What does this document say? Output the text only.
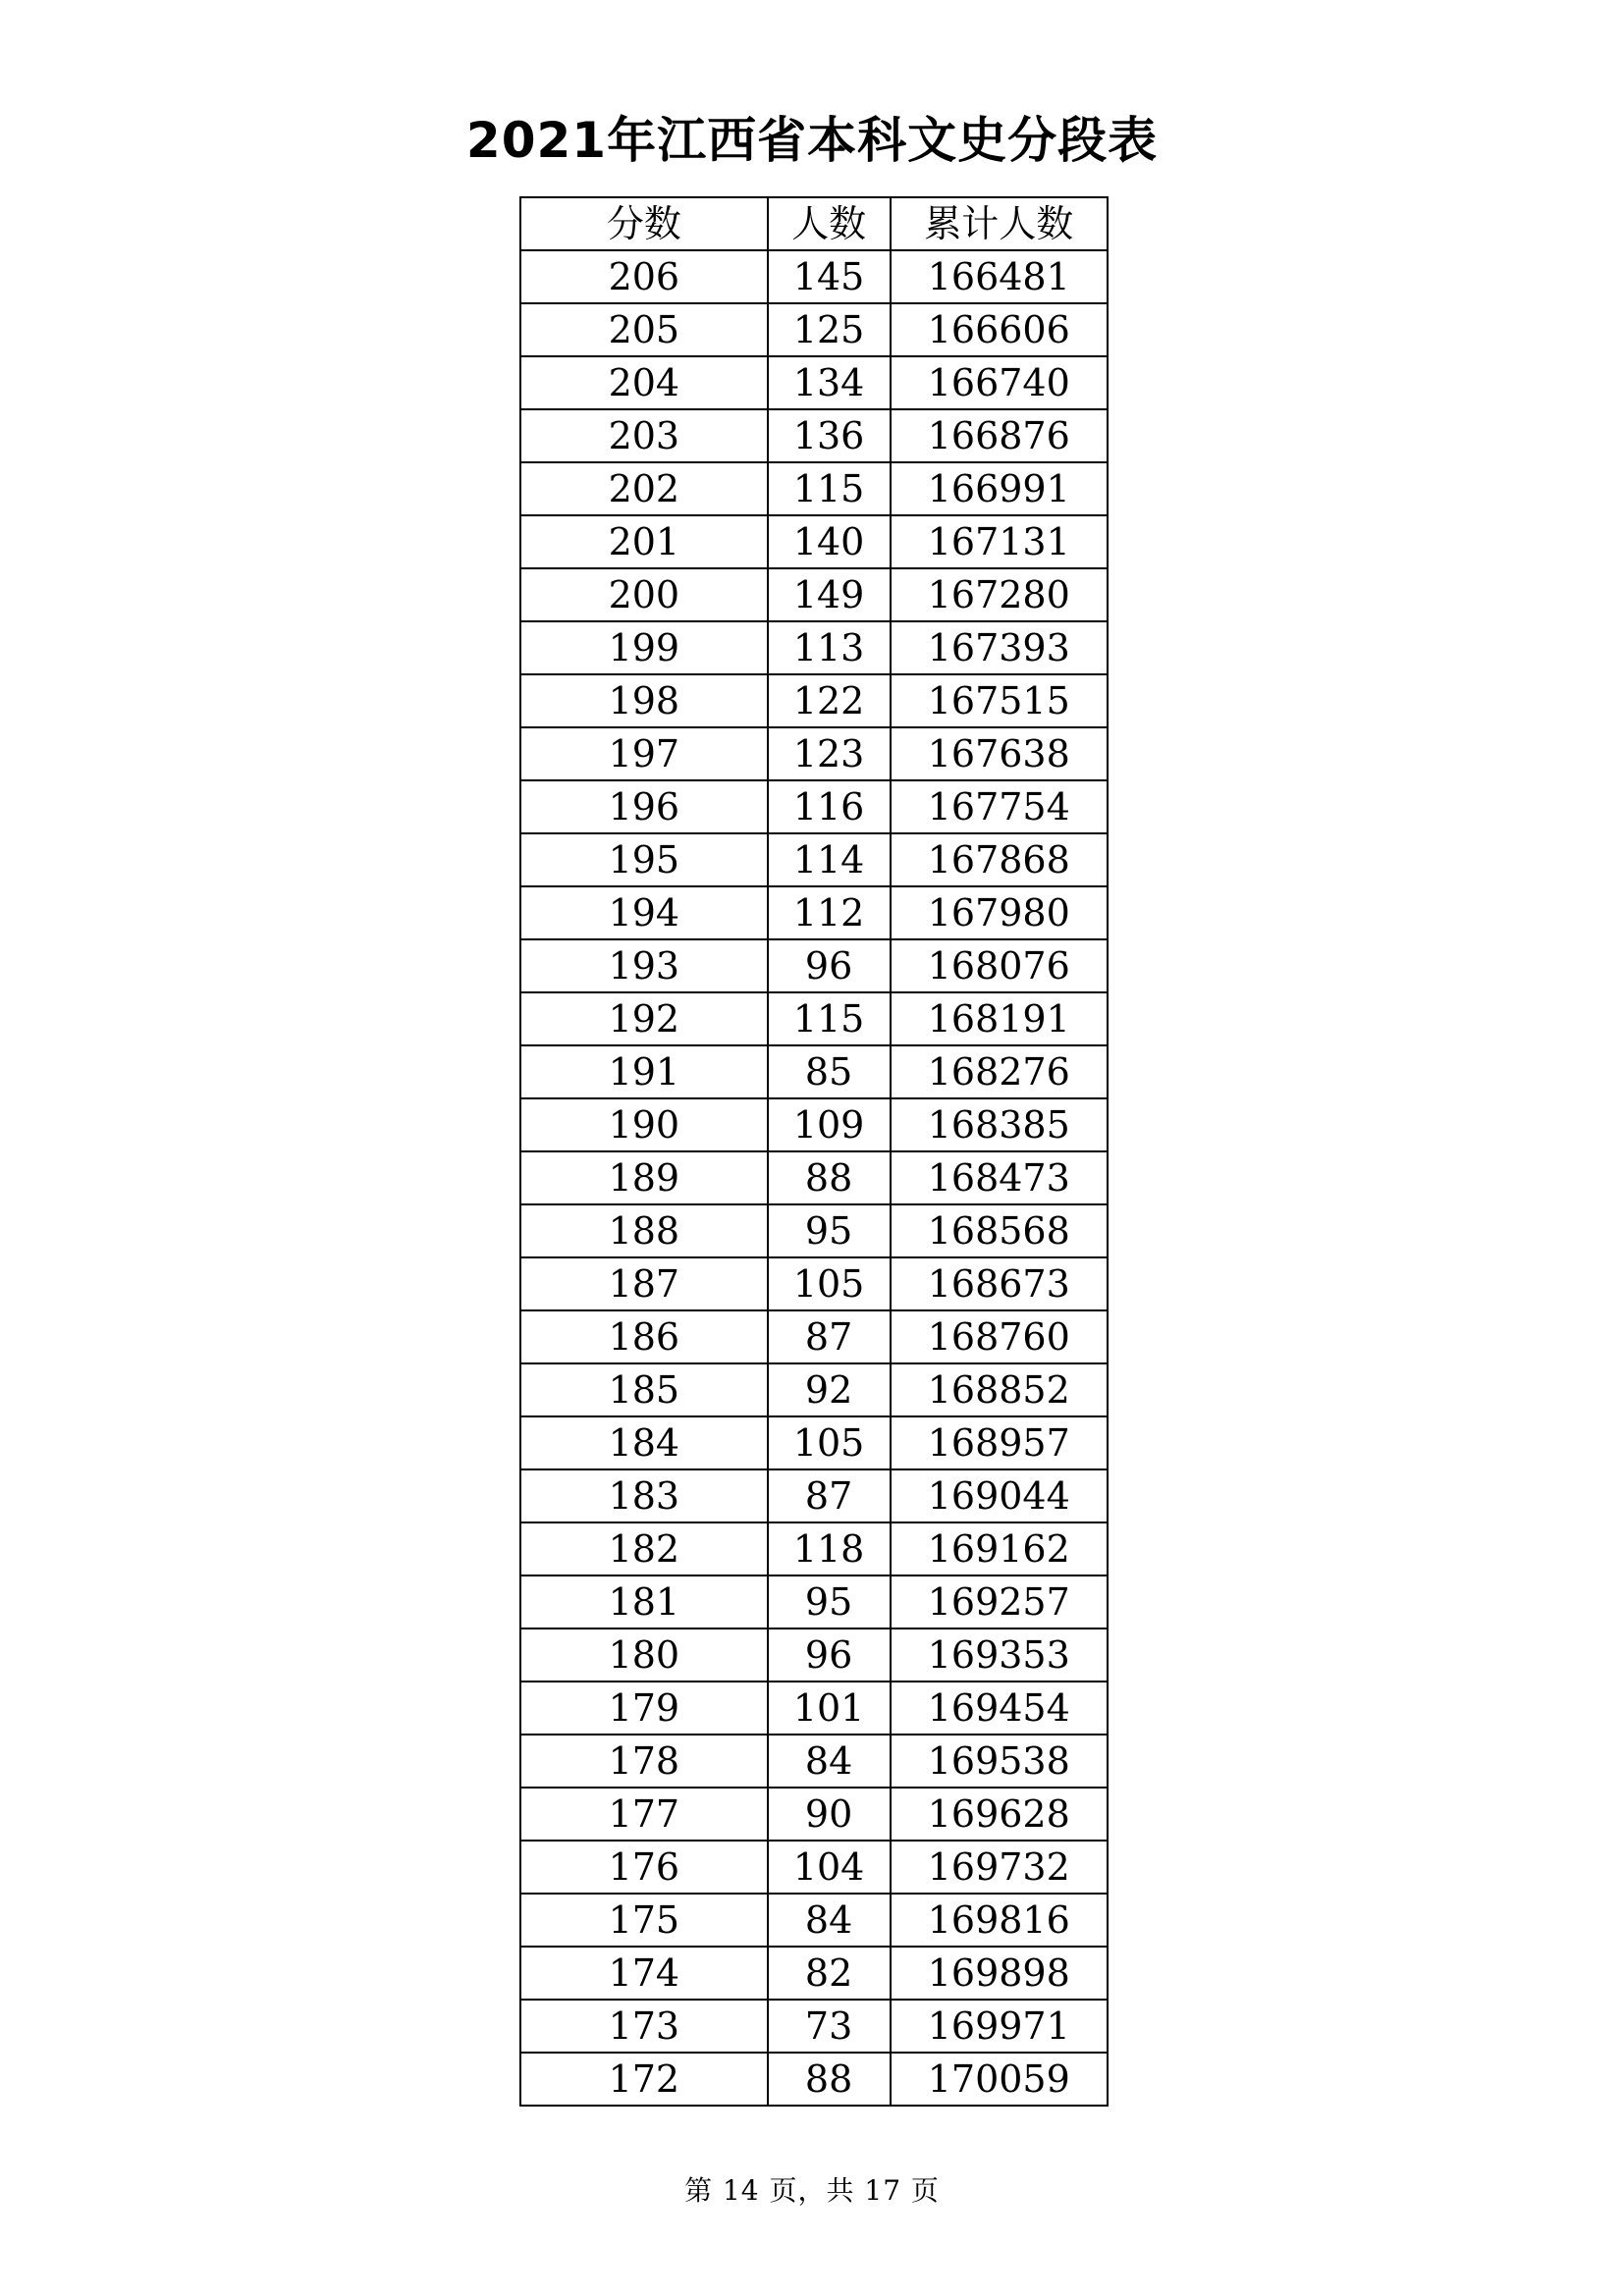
2021年江西省本科文史分段表
分数	人数	累计人数
206	145	166481
205	125	166606
204	134	166740
203	136	166876
202	115	166991
201	140	167131
200	149	167280
199	113	167393
198	122	167515
197	123	167638
196	116	167754
195	114	167868
194	112	167980
193	96	168076
192	115	168191
191	85	168276
190	109	168385
189	88	168473
188	95	168568
187	105	168673
186	87	168760
185	92	168852
184	105	168957
183	87	169044
182	118	169162
181	95	169257
180	96	169353
179	101	169454
178	84	169538
177	90	169628
176	104	169732
175	84	169816
174	82	169898
173	73	169971
172	88	170059
第 14 页，共 17 页
